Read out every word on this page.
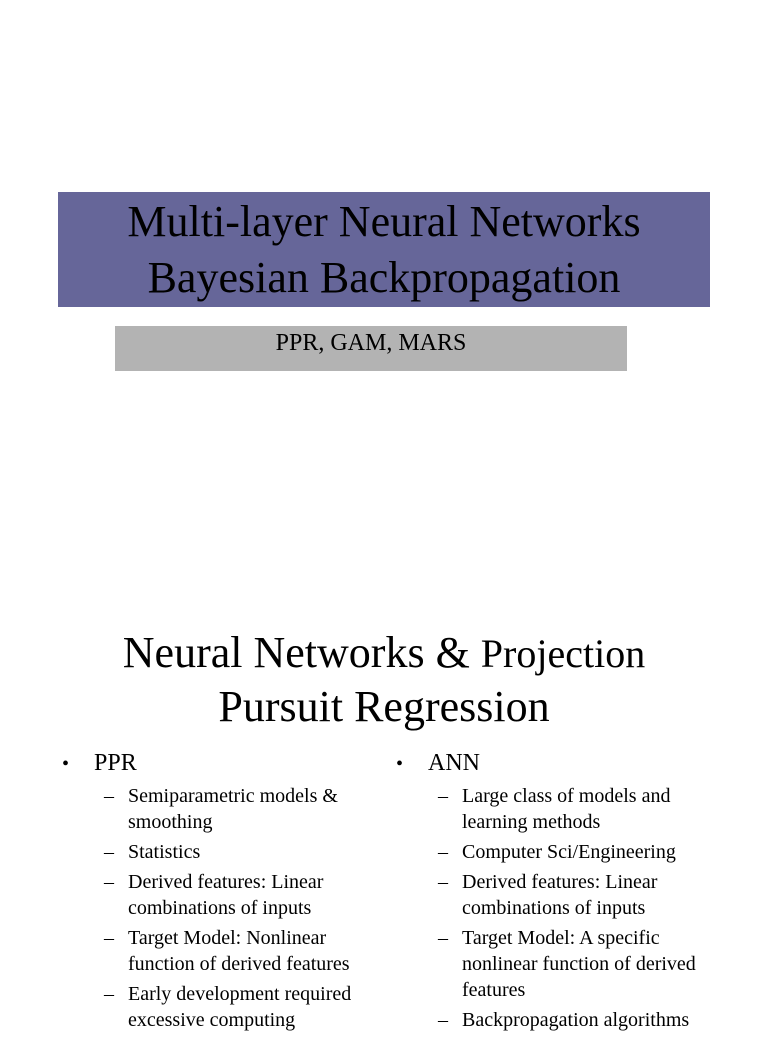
Multi-layer Neural Networks
Bayesian Backpropagation
PPR, GAM, MARS
Neural Networks & Projection
Pursuit Regression
•	PPR
– Semiparametric models & smoothing
– Statistics
– Derived features: Linear combinations of inputs
– Target Model: Nonlinear function of derived features
– Early development required excessive computing
•	ANN
– Large class of models and learning methods
– Computer Sci/Engineering
– Derived features: Linear combinations of inputs
– Target Model: A specific nonlinear function of derived features
– Backpropagation algorithms
